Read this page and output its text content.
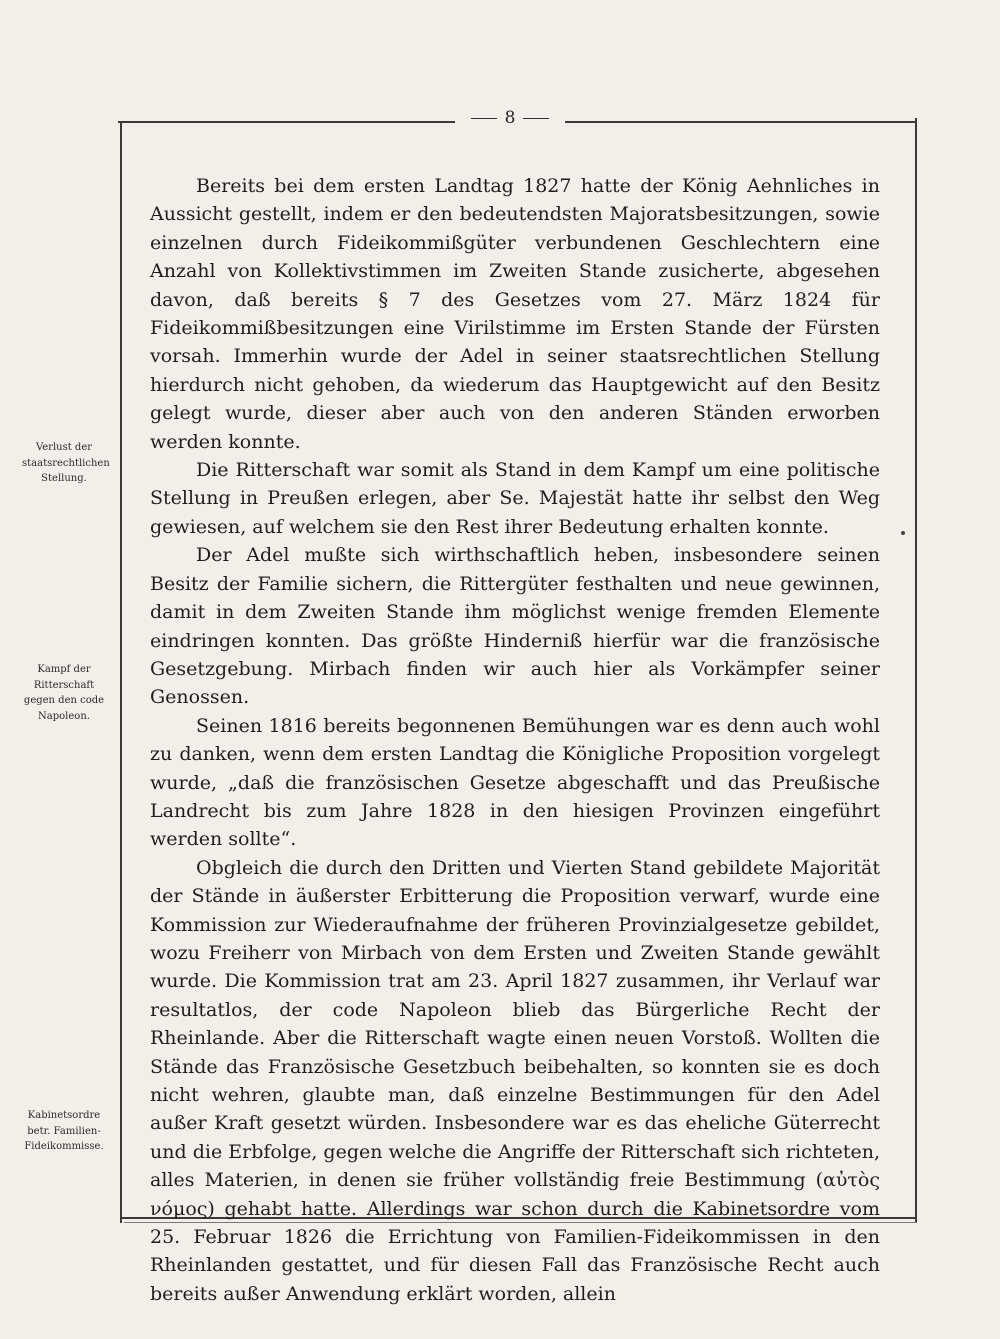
8
Verlust der staatsrechtlichen Stellung.
Kampf der Ritterschaft gegen den code Napoleon.
Kabinetsordre betr. Familien-Fideikommisse.

Bereits bei dem ersten Landtag 1827 hatte der König Aehnliches in Aussicht gestellt, indem er den bedeutendsten Majoratsbesitzungen, sowie einzelnen durch Fideikommißgüter verbundenen Geschlechtern eine Anzahl von Kollektivstimmen im Zweiten Stande zusicherte, abgesehen davon, daß bereits § 7 des Gesetzes vom 27. März 1824 für Fideikommißbesitzungen eine Virilstimme im Ersten Stande der Fürsten vorsah. Immerhin wurde der Adel in seiner staatsrechtlichen Stellung hierdurch nicht gehoben, da wiederum das Hauptgewicht auf den Besitz gelegt wurde, dieser aber auch von den anderen Ständen erworben werden konnte.

Die Ritterschaft war somit als Stand in dem Kampf um eine politische Stellung in Preußen erlegen, aber Se. Majestät hatte ihr selbst den Weg gewiesen, auf welchem sie den Rest ihrer Bedeutung erhalten konnte.

Der Adel mußte sich wirthschaftlich heben, insbesondere seinen Besitz der Familie sichern, die Rittergüter festhalten und neue gewinnen, damit in dem Zweiten Stande ihm möglichst wenige fremden Elemente eindringen konnten. Das größte Hinderniß hierfür war die französische Gesetzgebung. Mirbach finden wir auch hier als Vorkämpfer seiner Genossen.

Seinen 1816 bereits begonnenen Bemühungen war es denn auch wohl zu danken, wenn dem ersten Landtag die Königliche Proposition vorgelegt wurde, „daß die französischen Gesetze abgeschafft und das Preußische Landrecht bis zum Jahre 1828 in den hiesigen Provinzen eingeführt werden sollte“.

Obgleich die durch den Dritten und Vierten Stand gebildete Majorität der Stände in äußerster Erbitterung die Proposition verwarf, wurde eine Kommission zur Wiederaufnahme der früheren Provinzialgesetze gebildet, wozu Freiherr von Mirbach von dem Ersten und Zweiten Stande gewählt wurde. Die Kommission trat am 23. April 1827 zusammen, ihr Verlauf war resultatlos, der code Napoleon blieb das Bürgerliche Recht der Rheinlande. Aber die Ritterschaft wagte einen neuen Vorstoß. Wollten die Stände das Französische Gesetzbuch beibehalten, so konnten sie es doch nicht wehren, glaubte man, daß einzelne Bestimmungen für den Adel außer Kraft gesetzt würden. Insbesondere war es das eheliche Güterrecht und die Erbfolge, gegen welche die Angriffe der Ritterschaft sich richteten, alles Materien, in denen sie früher vollständig freie Bestimmung (αὐτὸς νόμος) gehabt hatte. Allerdings war schon durch die Kabinetsordre vom 25. Februar 1826 die Errichtung von Familien-Fideikommissen in den Rheinlanden gestattet, und für diesen Fall das Französische Recht auch bereits außer Anwendung erklärt worden, allein
